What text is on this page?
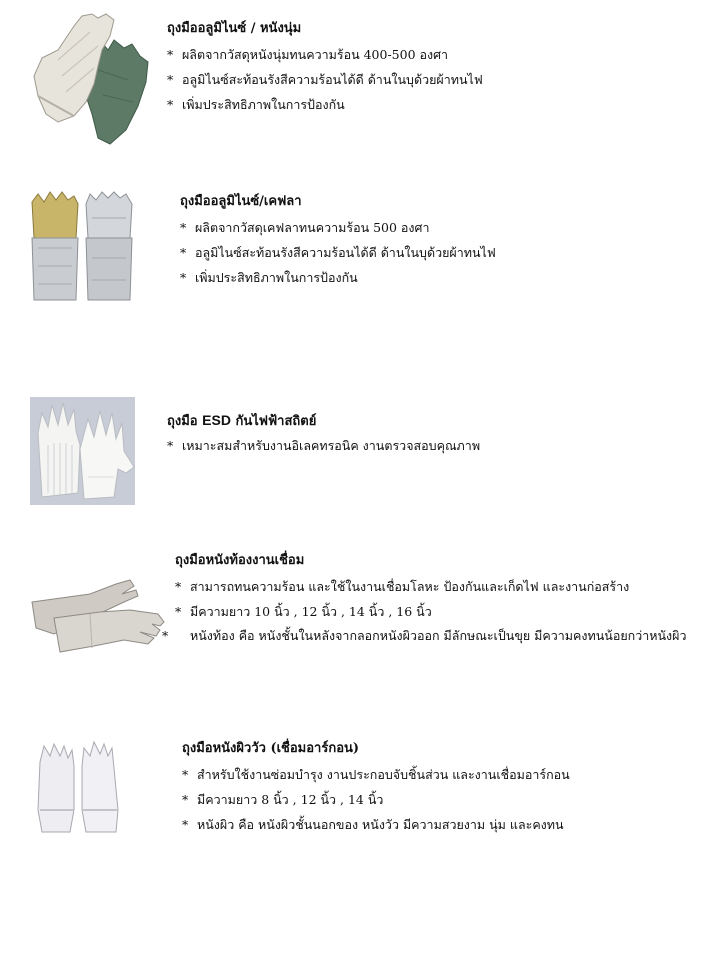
ถุงมืออลูมิไนซ์ / หนังนุ่ม
* ผลิตจากวัสดุหนังนุ่มทนความร้อน 400-500 องศา
* อลูมิไนซ์สะท้อนรังสีความร้อนได้ดี ด้านในบุด้วยผ้าทนไฟ
* เพิ่มประสิทธิภาพในการป้องกัน
ถุงมืออลูมิไนซ์/เคฟลา
* ผลิตจากวัสดุเคฟลาทนความร้อน 500 องศา
* อลูมิไนซ์สะท้อนรังสีความร้อนได้ดี ด้านในบุด้วยผ้าทนไฟ
* เพิ่มประสิทธิภาพในการป้องกัน
ถุงมือ ESD กันไฟฟ้าสถิตย์
* เหมาะสมสำหรับงานอิเลคทรอนิค งานตรวจสอบคุณภาพ
ถุงมือหนังท้องงานเชื่อม
* สามารถทนความร้อน และใช้ในงานเชื่อมโลหะ ป้องกันและเก็ดไฟ และงานก่อสร้าง
* มีความยาว 10 นิ้ว , 12 นิ้ว , 14 นิ้ว , 16 นิ้ว
* หนังท้อง คือ หนังชั้นในหลังจากลอกหนังผิวออก มีลักษณะเป็นขุย มีความคงทนน้อยกว่าหนังผิว
ถุงมือหนังผิววัว (เชื่อมอาร์กอน)
* สำหรับใช้งานซ่อมบำรุง งานประกอบจับชิ้นส่วน และงานเชื่อมอาร์กอน
* มีความยาว 8 นิ้ว , 12 นิ้ว , 14 นิ้ว
* หนังผิว คือ หนังผิวชั้นนอกของ หนังวัว มีความสวยงาม นุ่ม และคงทน
